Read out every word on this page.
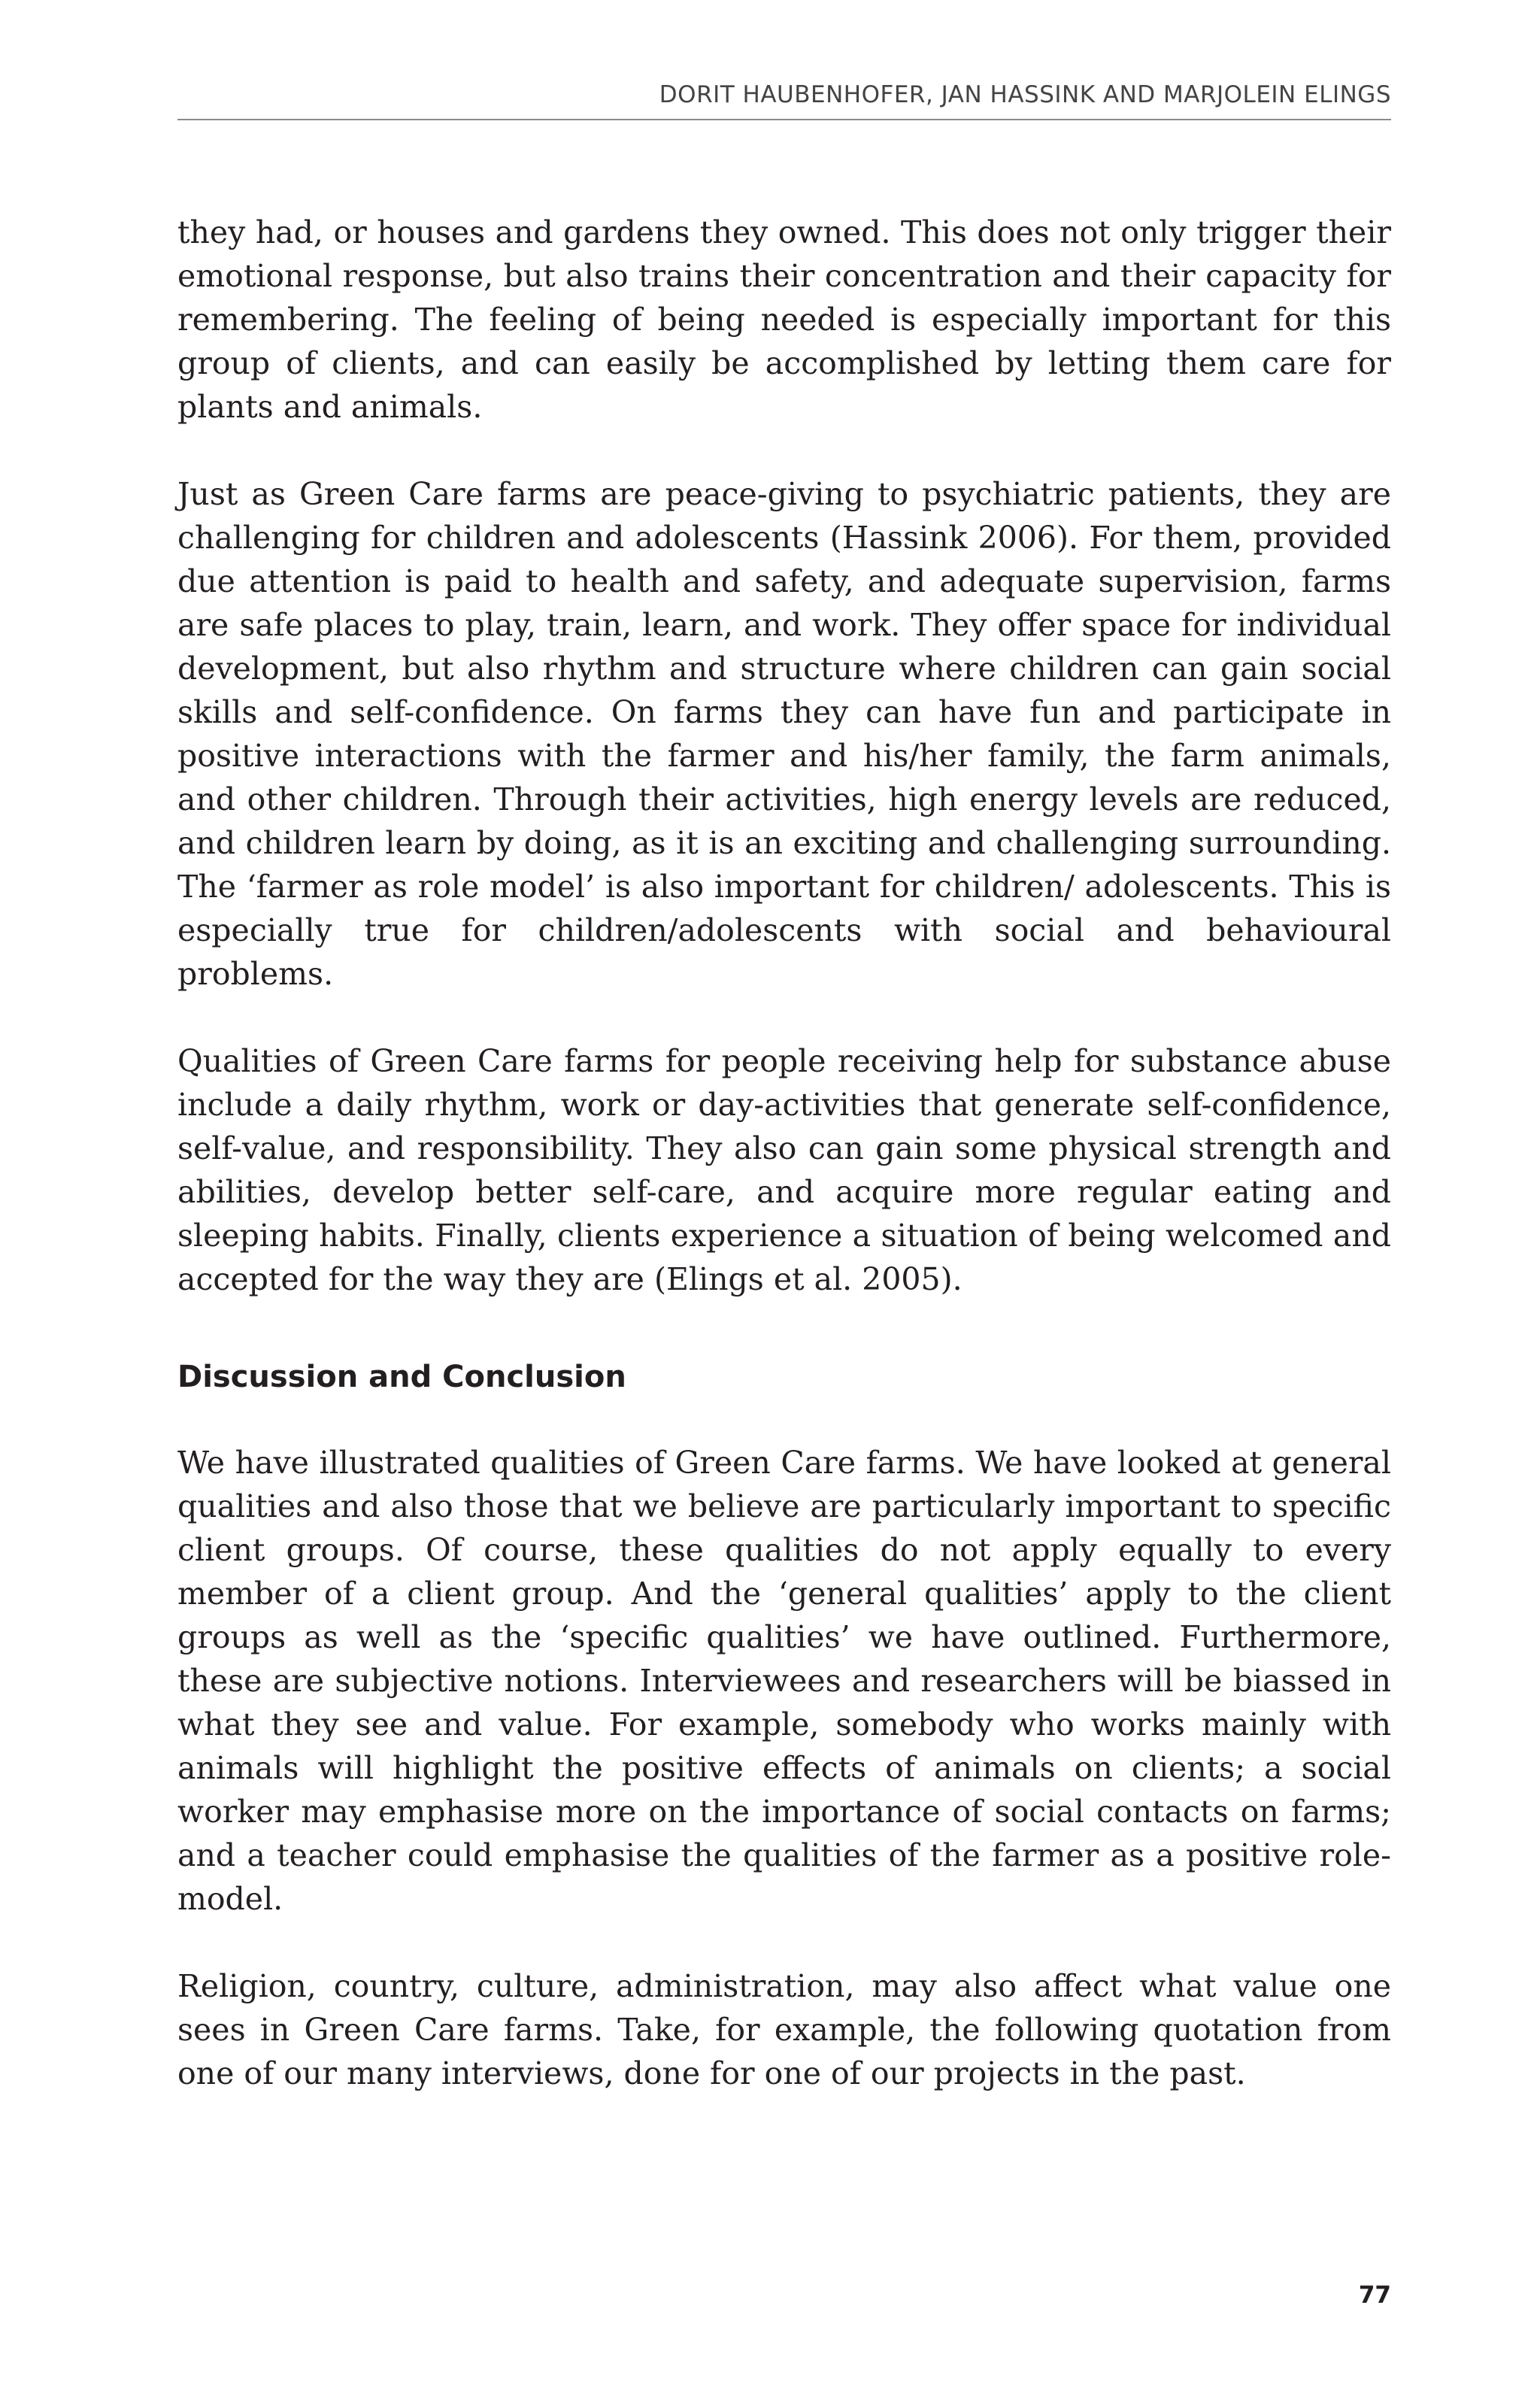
DORIT HAUBENHOFER, JAN HASSINK AND MARJOLEIN ELINGS

they had, or houses and gardens they owned. This does not only trigger their emotional response, but also trains their concentration and their capacity for remembering. The feeling of being needed is especially important for this group of clients, and can easily be accomplished by letting them care for plants and animals.

Just as Green Care farms are peace-giving to psychiatric patients, they are challenging for children and adolescents (Hassink 2006). For them, provided due attention is paid to health and safety, and adequate supervision, farms are safe places to play, train, learn, and work. They offer space for individual development, but also rhythm and structure where children can gain social skills and self-confidence. On farms they can have fun and participate in positive interactions with the farmer and his/her family, the farm animals, and other children. Through their activities, high energy levels are reduced, and children learn by doing, as it is an exciting and challenging surrounding. The ‘farmer as role model’ is also important for children/ adolescents. This is especially true for children/adolescents with social and behavioural problems.

Qualities of Green Care farms for people receiving help for substance abuse include a daily rhythm, work or day-activities that generate self-confidence, self-value, and responsibility. They also can gain some physical strength and abilities, develop better self-care, and acquire more regular eating and sleeping habits. Finally, clients experience a situation of being welcomed and accepted for the way they are (Elings et al. 2005).

Discussion and Conclusion

We have illustrated qualities of Green Care farms. We have looked at general qualities and also those that we believe are particularly important to specific client groups. Of course, these qualities do not apply equally to every member of a client group. And the ‘general qualities’ apply to the client groups as well as the ‘specific qualities’ we have outlined. Furthermore, these are subjective notions. Interviewees and researchers will be biassed in what they see and value. For example, somebody who works mainly with animals will highlight the positive effects of animals on clients; a social worker may emphasise more on the importance of social contacts on farms; and a teacher could emphasise the qualities of the farmer as a positive role-model.

Religion, country, culture, administration, may also affect what value one sees in Green Care farms. Take, for example, the following quotation from one of our many interviews, done for one of our projects in the past.

77
